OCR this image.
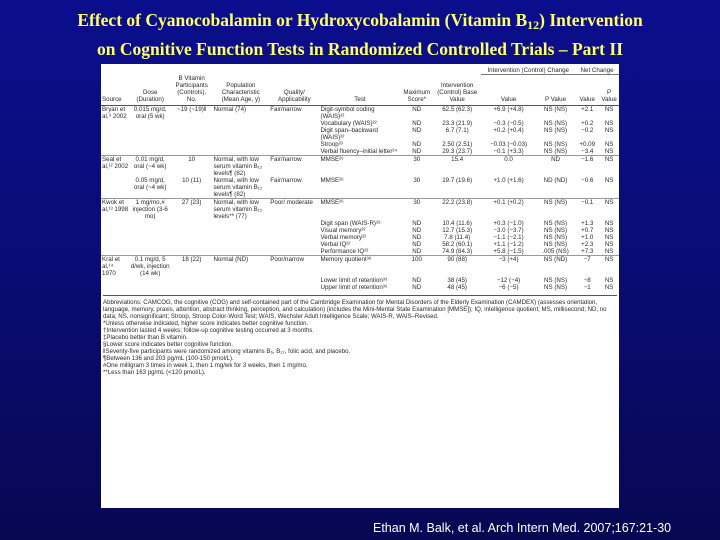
Effect of Cyanocobalamin or Hydroxycobalamin (Vitamin $B_{12}$) Intervention
on Cognitive Function Tests in Randomized Controlled Trials – Part II
								Intervention (Control) Change		Net Change	
Source	Dose (Duration)	B Vitamin Participants (Controls), No.	Population Characteristic (Mean Age, y)	Quality/ Applicability	Test	Maximum Score*	Intervention (Control) Base Value	Value	P Value	Value	P Value
Bryan et al,⁹ 2002	0.015 mg/d, oral (5 wk)	~19 (~19)‖	Normal (74)	Fair/narrow	Digit-symbol coding (WAIS)²²	ND	62.5 (62.3)	+6.9 (+4.8)	NS (NS)	+2.1	NS
					Vocabulary (WAIS)²²	ND	23.3 (21.9)	−0.3 (−0.5)	NS (NS)	+0.2	NS
					Digit span–backward (WAIS)²²	ND	6.7 (7.1)	+0.2 (+0.4)	NS (NS)	−0.2	NS
					Stroop²³	ND	2.50 (2.51)	−0.03 (−0.03)	NS (NS)	+0.09	NS
					Verbal fluency–initial letter²⁴	ND	29.3 (23.7)	−0.1 (+3.3)	NS (NS)	−3.4	NS
Seal et al,¹² 2002	0.01 mg/d, oral (~4 wk)	10	Normal, with low serum vitamin B₁₂ levels¶ (82)	Fair/narrow	MMSE²⁶	30	15.4	0.0	ND	−1.6	NS
	0.05 mg/d, oral (~4 wk)	10 (11)	Normal, with low serum vitamin B₁₂ levels¶ (82)	Fair/narrow	MMSE²⁶	30	19.7 (19.6)	+1.0 (+1.6)	ND (ND)	−0.6	NS
Kwok et al,¹³ 1998	1 mg/mo,# injection (3-6 mo)	27 (23)	Normal, with low serum vitamin B₁₂ levels** (77)	Poor/ moderate	MMSE²⁶	30	22.2 (23.8)	+0.1 (+0.2)	NS (NS)	−0.1	NS
					Digit span (WAIS-R)²⁸	ND	10.4 (11.6)	+0.3 (−1.0)	NS (NS)	+1.3	NS
					Visual memory²²	ND	12.7 (15.3)	−3.0 (−3.7)	NS (NS)	+0.7	NS
					Verbal memory²²	ND	7.8 (11.4)	−1.1 (−2.1)	NS (NS)	+1.0	NS
					Verbal IQ²²	ND	58.2 (60.1)	+1.1 (−1.2)	NS (NS)	+2.3	NS
					Performance IQ²²	ND	74.9 (84.3)	+5.8 (−1.5)	.005 (NS)	+7.3	NS
Kral et al,¹⁴ 1970	0.1 mg/d, 5 d/wk, injection (14 wk)	18 (22)	Normal (ND)	Poor/narrow	Memory quotient³⁸	100	90 (88)	−3 (+4)	NS (ND)	−7	NS
					Lower limit of retention³⁹	ND	38 (45)	−12 (−4)	NS (NS)	−8	NS
					Upper limit of retention³⁹	ND	48 (45)	−6 (−5)	NS (NS)	−1	NS
Abbreviations: CAMCOG, the cognitive (COG) and self-contained part of the Cambridge Examination for Mental Disorders of the Elderly Examination (CAMDEX) (assesses orientation, language, memory, praxis, attention, abstract thinking, perception, and calculation) (includes the Mini-Mental State Examination [MMSE]); IQ, intelligence quotient; MS, millisecond; ND, no data; NS, nonsignificant; Stroop, Stroop Color-Word Test; WAIS, Wechsler Adult Intelligence Scale; WAIS-R, WAIS–Revised.
*Unless otherwise indicated, higher score indicates better cognitive function.
†Intervention lasted 4 weeks; follow-up cognitive testing occurred at 3 months.
‡Placebo better than B vitamin.
§Lower score indicates better cognitive function.
‖Seventy-five participants were randomized among vitamins B₆, B₁₂, folic acid, and placebo.
¶Between 136 and 203 pg/mL (100-150 pmol/L).
#One milligram 3 times in week 1, then 1 mg/wk for 3 weeks, then 1 mg/mo.
**Less than 163 pg/mL (<120 pmol/L).
Ethan M. Balk, et al. Arch Intern Med. 2007;167:21-30
